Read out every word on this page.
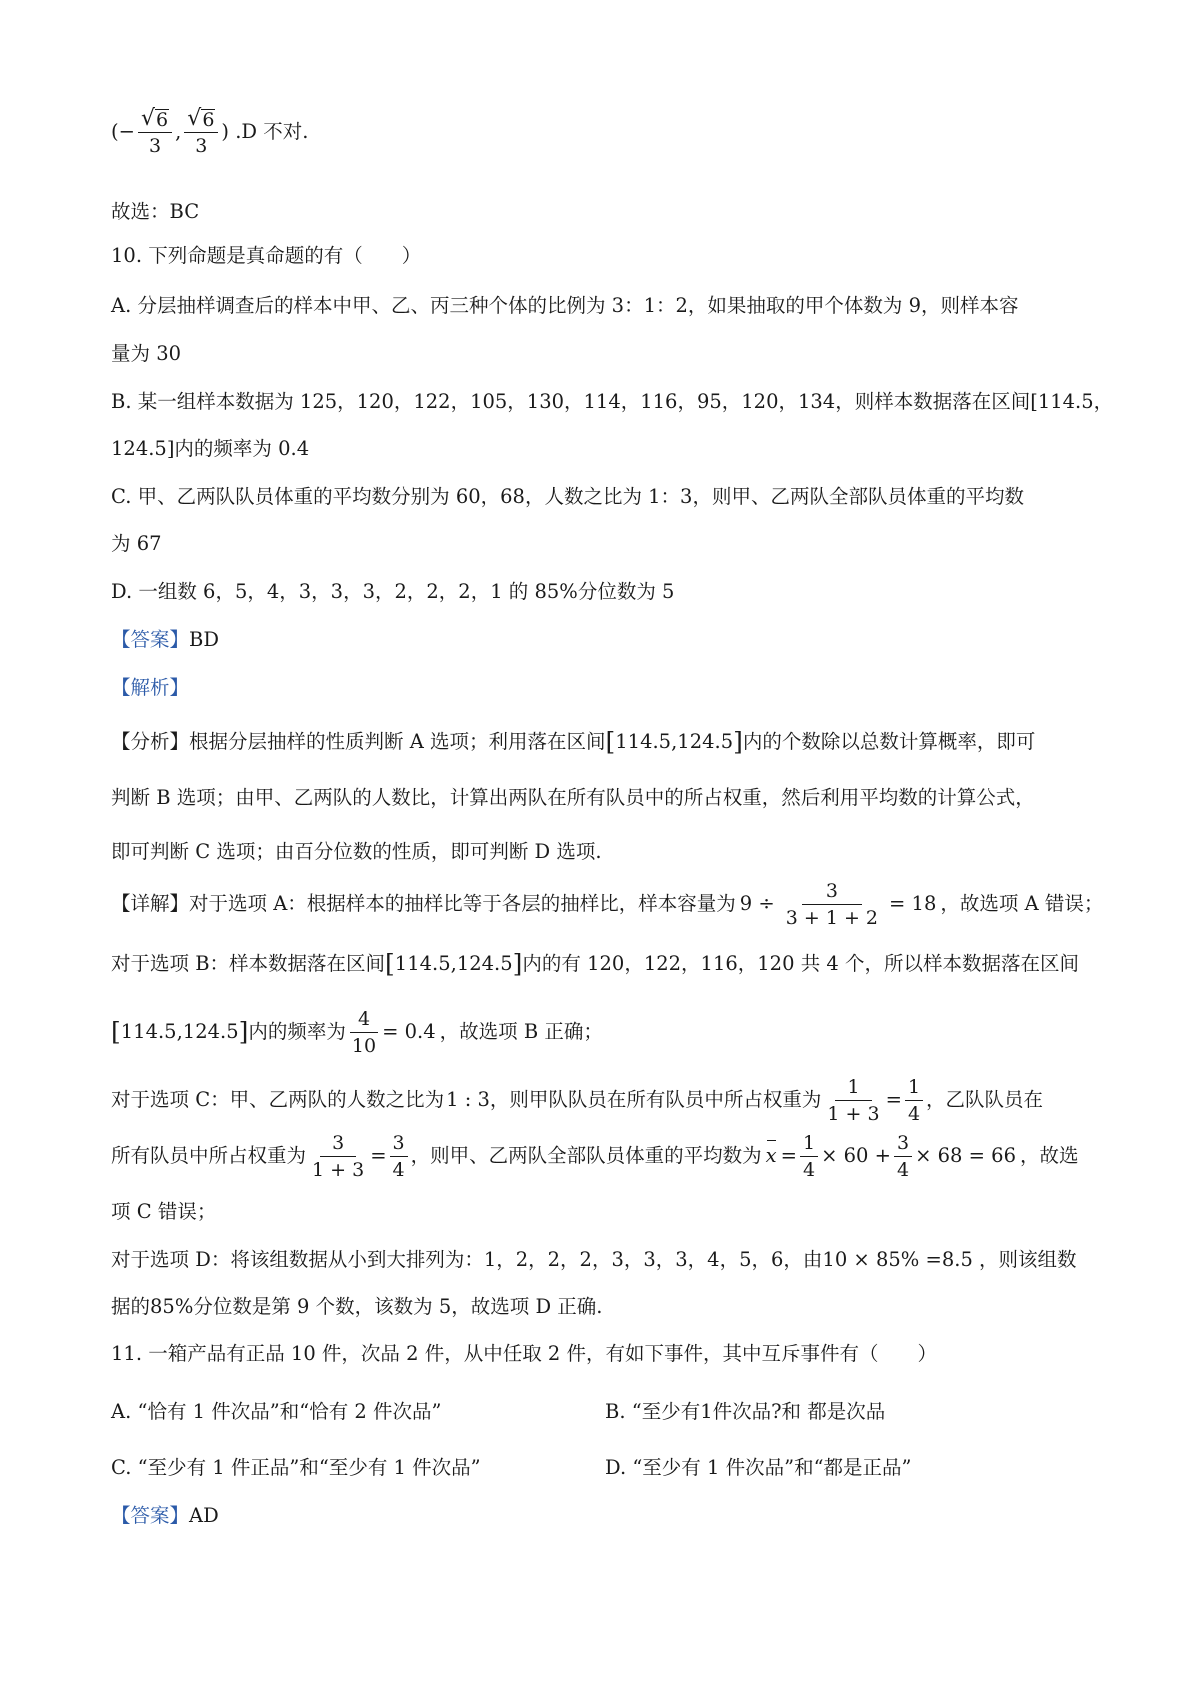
(− $\frac{√ 6}{3}$ , $\frac{√ 6}{3}$ ) .D 不对.
故选：BC
10. 下列命题是真命题的有（　　）
A. 分层抽样调查后的样本中甲、乙、丙三种个体的比例为 3：1：2，如果抽取的甲个体数为 9，则样本容
量为 30
B. 某一组样本数据为 125，120，122，105，130，114，116，95，120，134，则样本数据落在区间[114.5，
124.5]内的频率为 0.4
C. 甲、乙两队队员体重的平均数分别为 60，68，人数之比为 1：3，则甲、乙两队全部队员体重的平均数
为 67
D. 一组数 6，5，4，3，3，3，2，2，2，1 的 85%分位数为 5
【答案】BD
【解析】
【分析】根据分层抽样的性质判断 A 选项；利用落在区间[114.5,124.5]内的个数除以总数计算概率，即可
判断 B 选项；由甲、乙两队的人数比，计算出两队在所有队员中的所占权重，然后利用平均数的计算公式，
即可判断 C 选项；由百分位数的性质，即可判断 D 选项.
【详解】 对于选项 A：根据样本的抽样比等于各层的抽样比，样本容量为 $9 \div \frac{3}{3 + 1 + 2} = 18$ ，故选项 A 错误；
对于选项 B：样本数据落在区间[114.5,124.5]内的有 120，122，116，120 共 4 个，所以样本数据落在区间
[114.5,124.5] 内的频率为 $\frac{4}{10} = 0.4$ ，故选项 B 正确；
对于选项 C：甲、乙两队的人数之比为 1 : 3 ，则甲队队员在所有队员中所占权重为 $\frac{1}{1 + 3} = \frac{1}{4}$ ，乙队队员在
所有队员中所占权重为 $\frac{3}{1 + 3} = \frac{3}{4}$ ，则甲、乙两队全部队员体重的平均数为 $x = \frac{1}{4} \times 60 + \frac{3}{4} \times 68 = 66$ ，故选
项 C 错误；
对于选项 D：将该组数据从小到大排列为：1，2，2，2，3，3，3，4，5，6，由10 × 85% =8.5 ，则该组数
据的85%分位数是第 9 个数，该数为 5，故选项 D 正确.
11. 一箱产品有正品 10 件，次品 2 件，从中任取 2 件，有如下事件，其中互斥事件有（　　）
A. “恰有 1 件次品”和“恰有 2 件次品”	B. “至少有1件次品?和 都是次品
C. “至少有 1 件正品”和“至少有 1 件次品”	D. “至少有 1 件次品”和“都是正品”
【答案】AD
